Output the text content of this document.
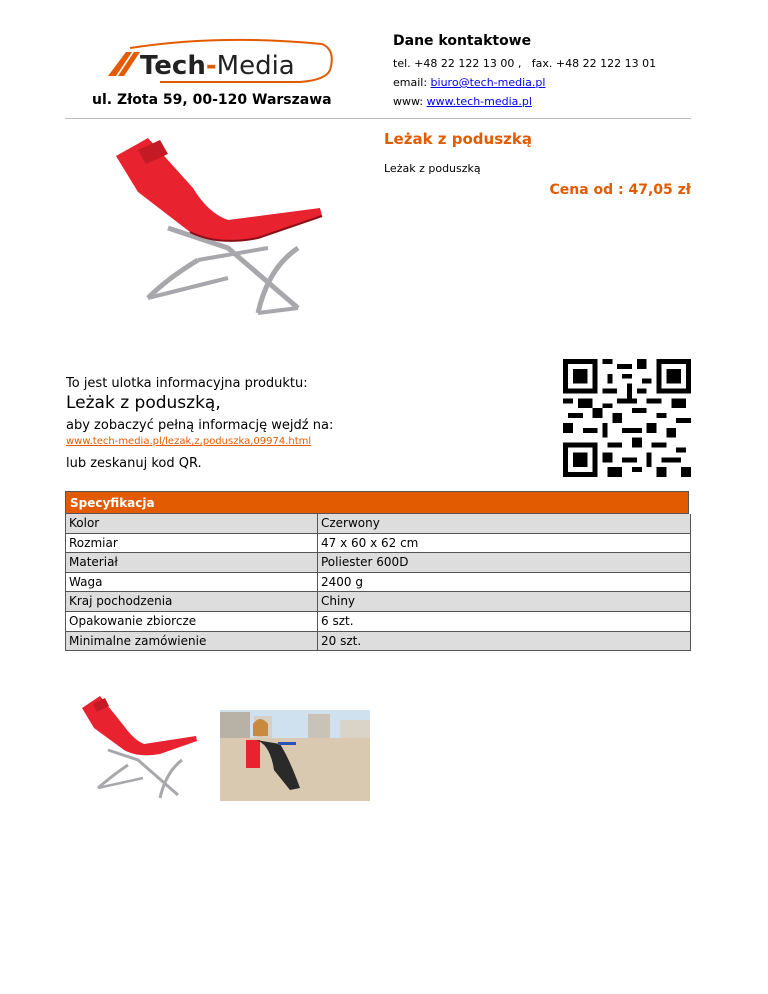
Tech-Media
ul. Złota 59, 00-120 Warszawa
Dane kontaktowe
tel. +48 22 122 13 00 ,   fax. +48 22 122 13 01
email: biuro@tech-media.pl
www: www.tech-media.pl
Leżak z poduszką
Leżak z poduszką
Cena od : 47,05 zł
To jest ulotka informacyjna produktu:
Leżak z poduszką,
aby zobaczyć pełną informację wejdź na:
www.tech-media.pl/lezak,z,poduszka,09974.html
lub zeskanuj kod QR.
Specyfikacja
Kolor	Czerwony
Rozmiar	47 x 60 x 62 cm
Materiał	Poliester 600D
Waga	2400 g
Kraj pochodzenia	Chiny
Opakowanie zbiorcze	6 szt.
Minimalne zamówienie	20 szt.
